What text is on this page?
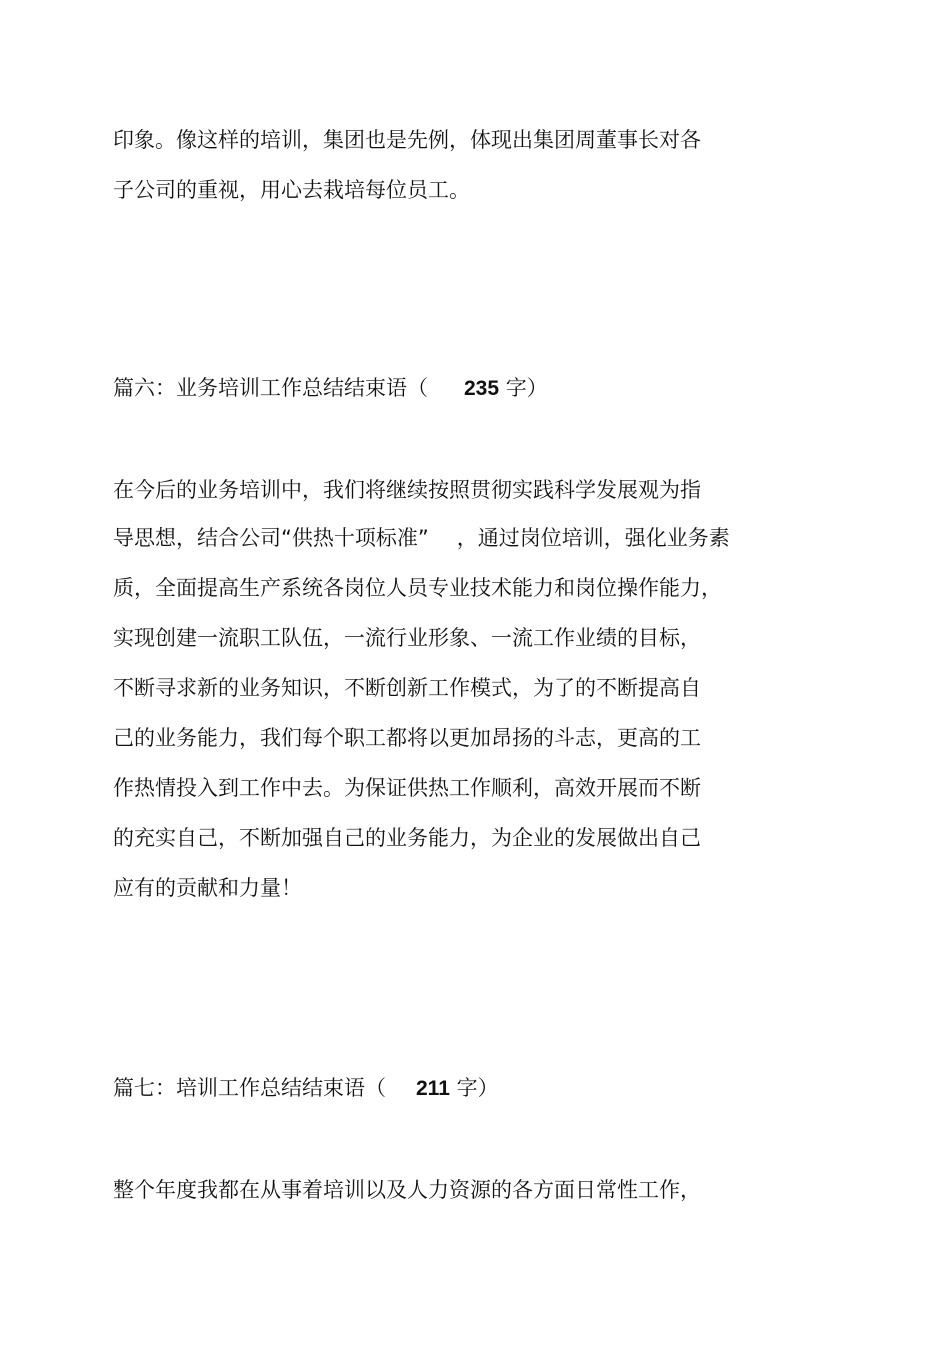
印象。像这样的培训，集团也是先例，体现出集团周董事长对各

子公司的重视，用心去栽培每位员工。

篇六：业务培训工作总结结束语（ 235 字）

在今后的业务培训中，我们将继续按照贯彻实践科学发展观为指

导思想，结合公司“供热十项标准” ，通过岗位培训，强化业务素

质，全面提高生产系统各岗位人员专业技术能力和岗位操作能力，

实现创建一流职工队伍，一流行业形象、一流工作业绩的目标，

不断寻求新的业务知识，不断创新工作模式，为了的不断提高自

己的业务能力，我们每个职工都将以更加昂扬的斗志，更高的工

作热情投入到工作中去。为保证供热工作顺利，高效开展而不断

的充实自己，不断加强自己的业务能力，为企业的发展做出自己

应有的贡献和力量！

篇七：培训工作总结结束语（ 211 字）

整个年度我都在从事着培训以及人力资源的各方面日常性工作，
